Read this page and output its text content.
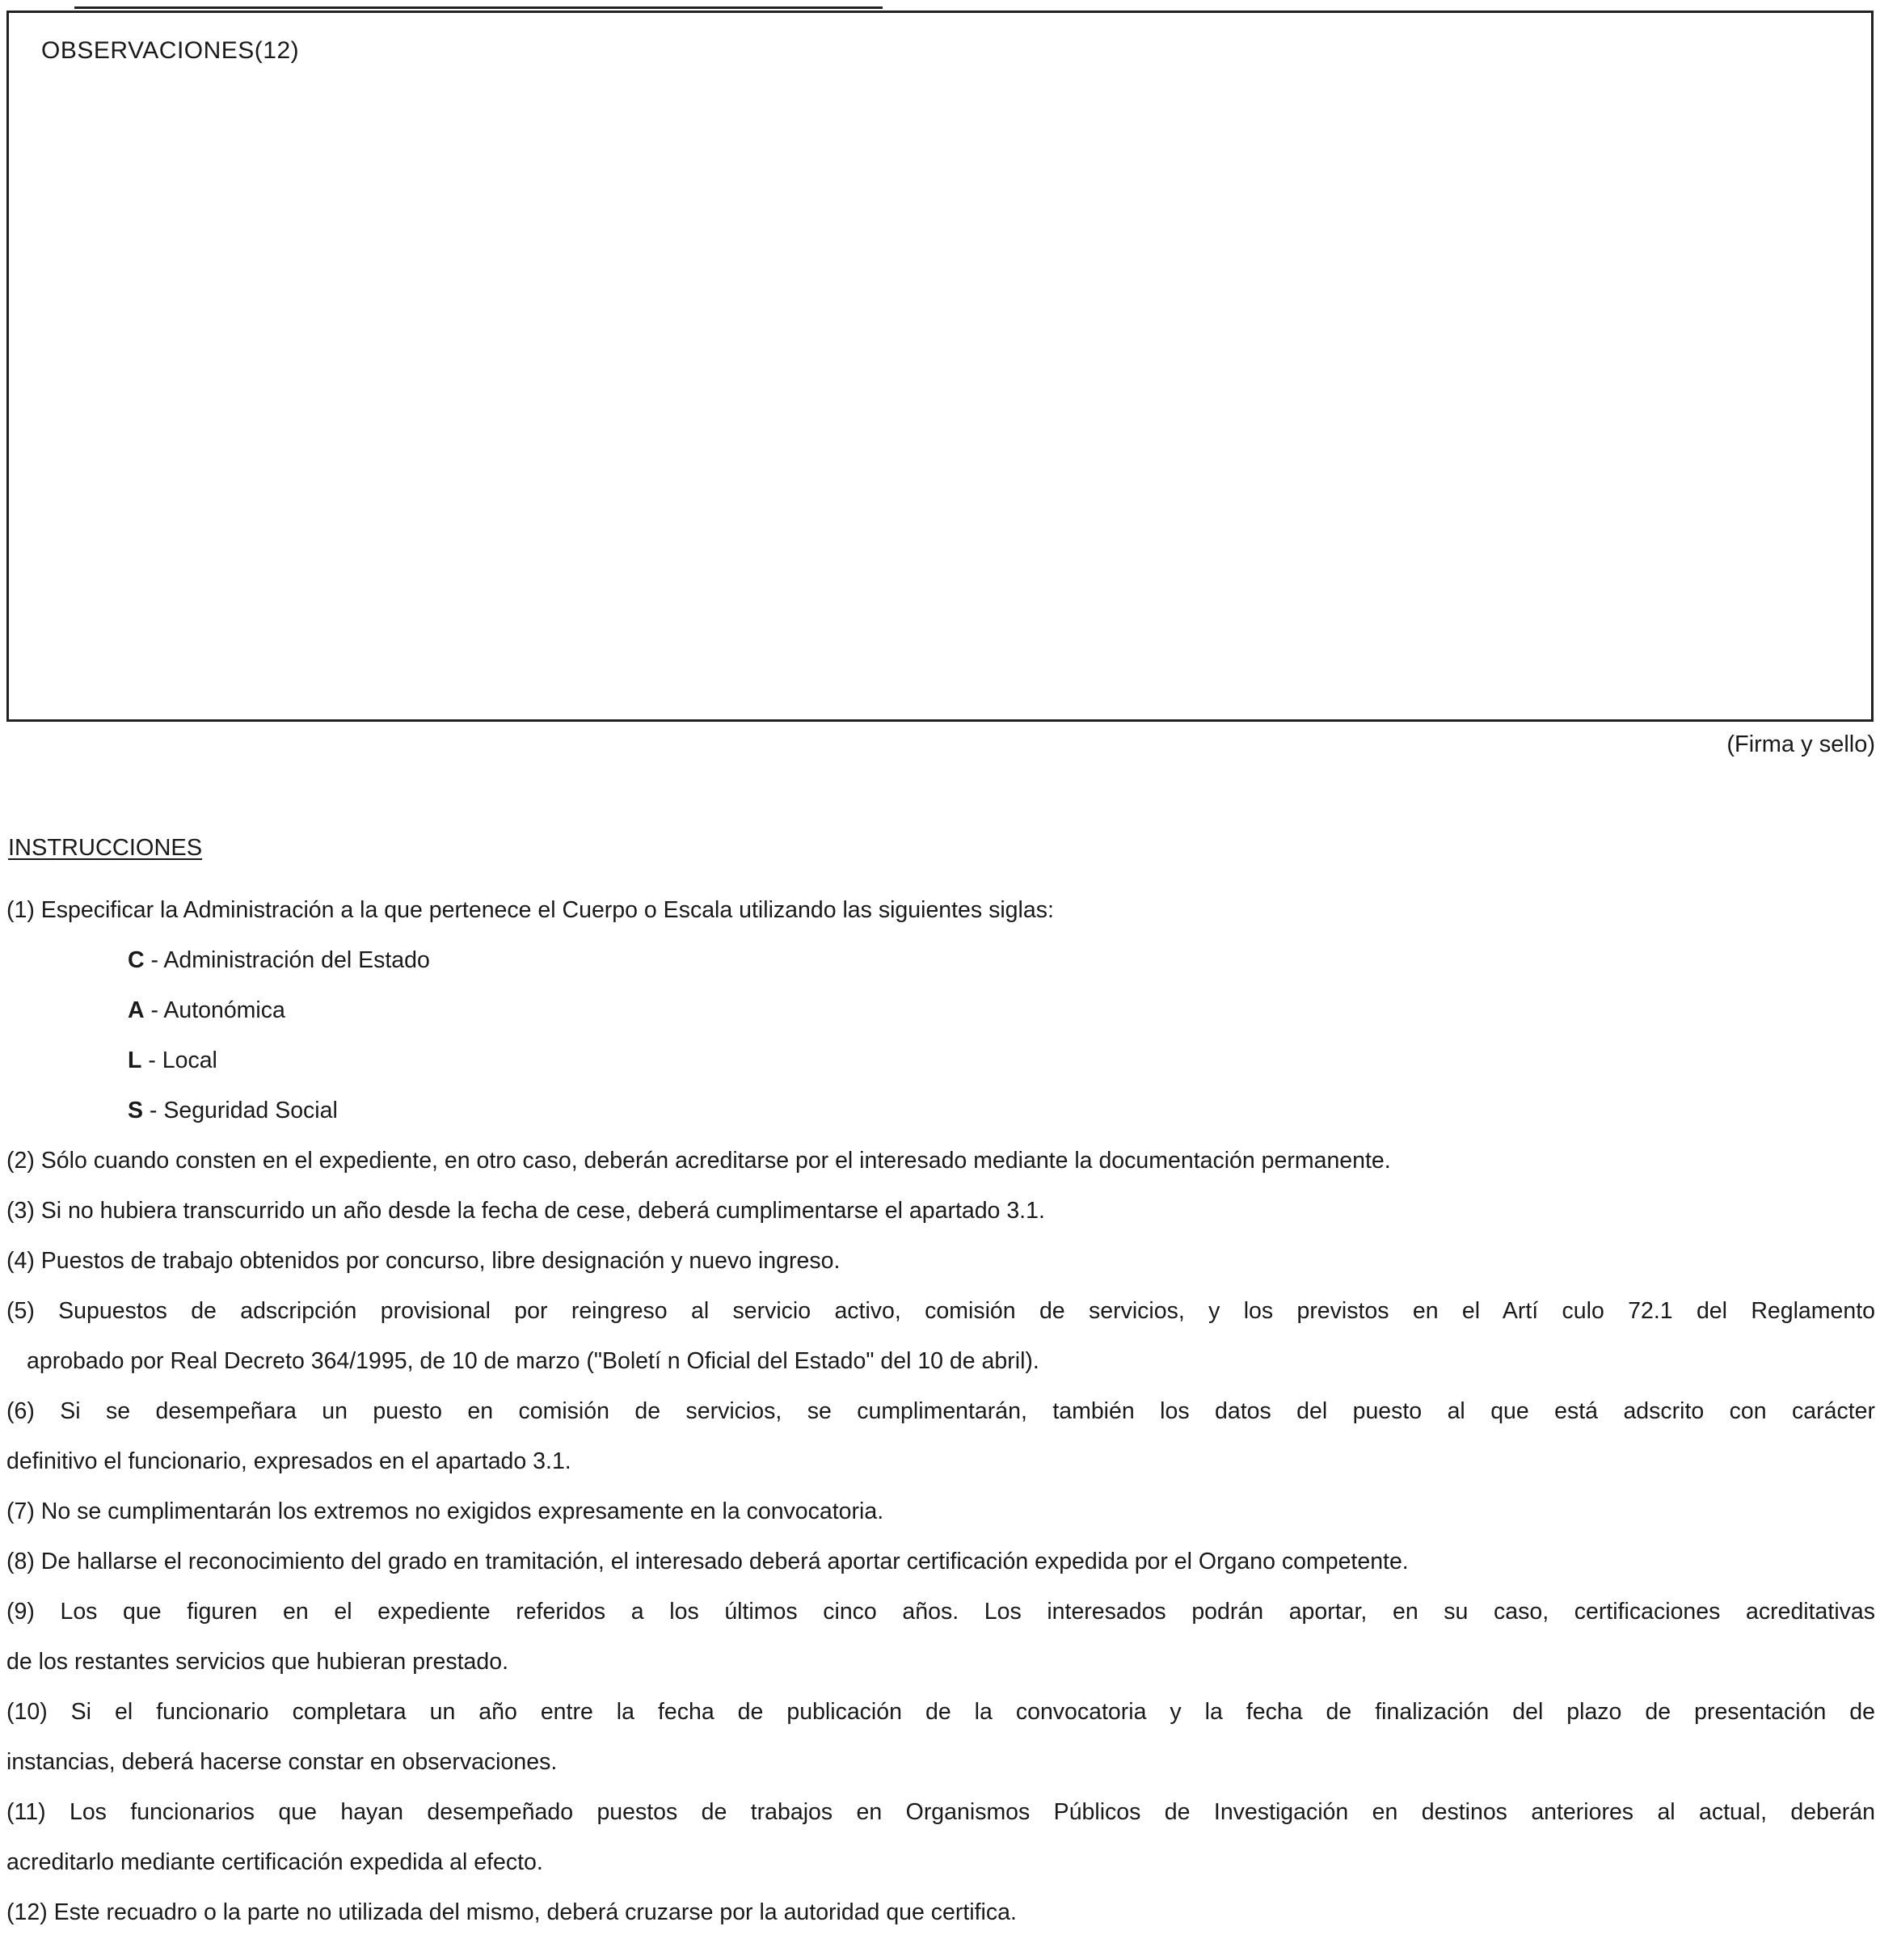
OBSERVACIONES(12)
(Firma y sello)
INSTRUCCIONES

(1) Especificar la Administración a la que pertenece el Cuerpo o Escala utilizando las siguientes siglas:

C - Administración del Estado

A - Autonómica

L - Local

S - Seguridad Social

(2) Sólo cuando consten en el expediente, en otro caso, deberán acreditarse por el interesado mediante la documentación permanente.

(3) Si no hubiera transcurrido un año desde la fecha de cese, deberá cumplimentarse el apartado 3.1.

(4) Puestos de trabajo obtenidos por concurso, libre designación y nuevo ingreso.

(5) Supuestos de adscripción provisional por reingreso al servicio activo, comisión de servicios, y los previstos en el Artí culo 72.1 del Reglamento

aprobado por Real Decreto 364/1995, de 10 de marzo ("Boletí n Oficial del Estado" del 10 de abril).

(6) Si se desempeñara un puesto en comisión de servicios, se cumplimentarán, también los datos del puesto al que está adscrito con carácter

definitivo el funcionario, expresados en el apartado 3.1.

(7) No se cumplimentarán los extremos no exigidos expresamente en la convocatoria.

(8) De hallarse el reconocimiento del grado en tramitación, el interesado deberá aportar certificación expedida por el Organo competente.

(9) Los que figuren en el expediente referidos a los últimos cinco años. Los interesados podrán aportar, en su caso, certificaciones acreditativas

de los restantes servicios que hubieran prestado.

(10) Si el funcionario completara un año entre la fecha de publicación de la convocatoria y la fecha de finalización del plazo de presentación de

instancias, deberá hacerse constar en observaciones.

(11) Los funcionarios que hayan desempeñado puestos de trabajos en Organismos Públicos de Investigación en destinos anteriores al actual, deberán

acreditarlo mediante certificación expedida al efecto.

(12) Este recuadro o la parte no utilizada del mismo, deberá cruzarse por la autoridad que certifica.
